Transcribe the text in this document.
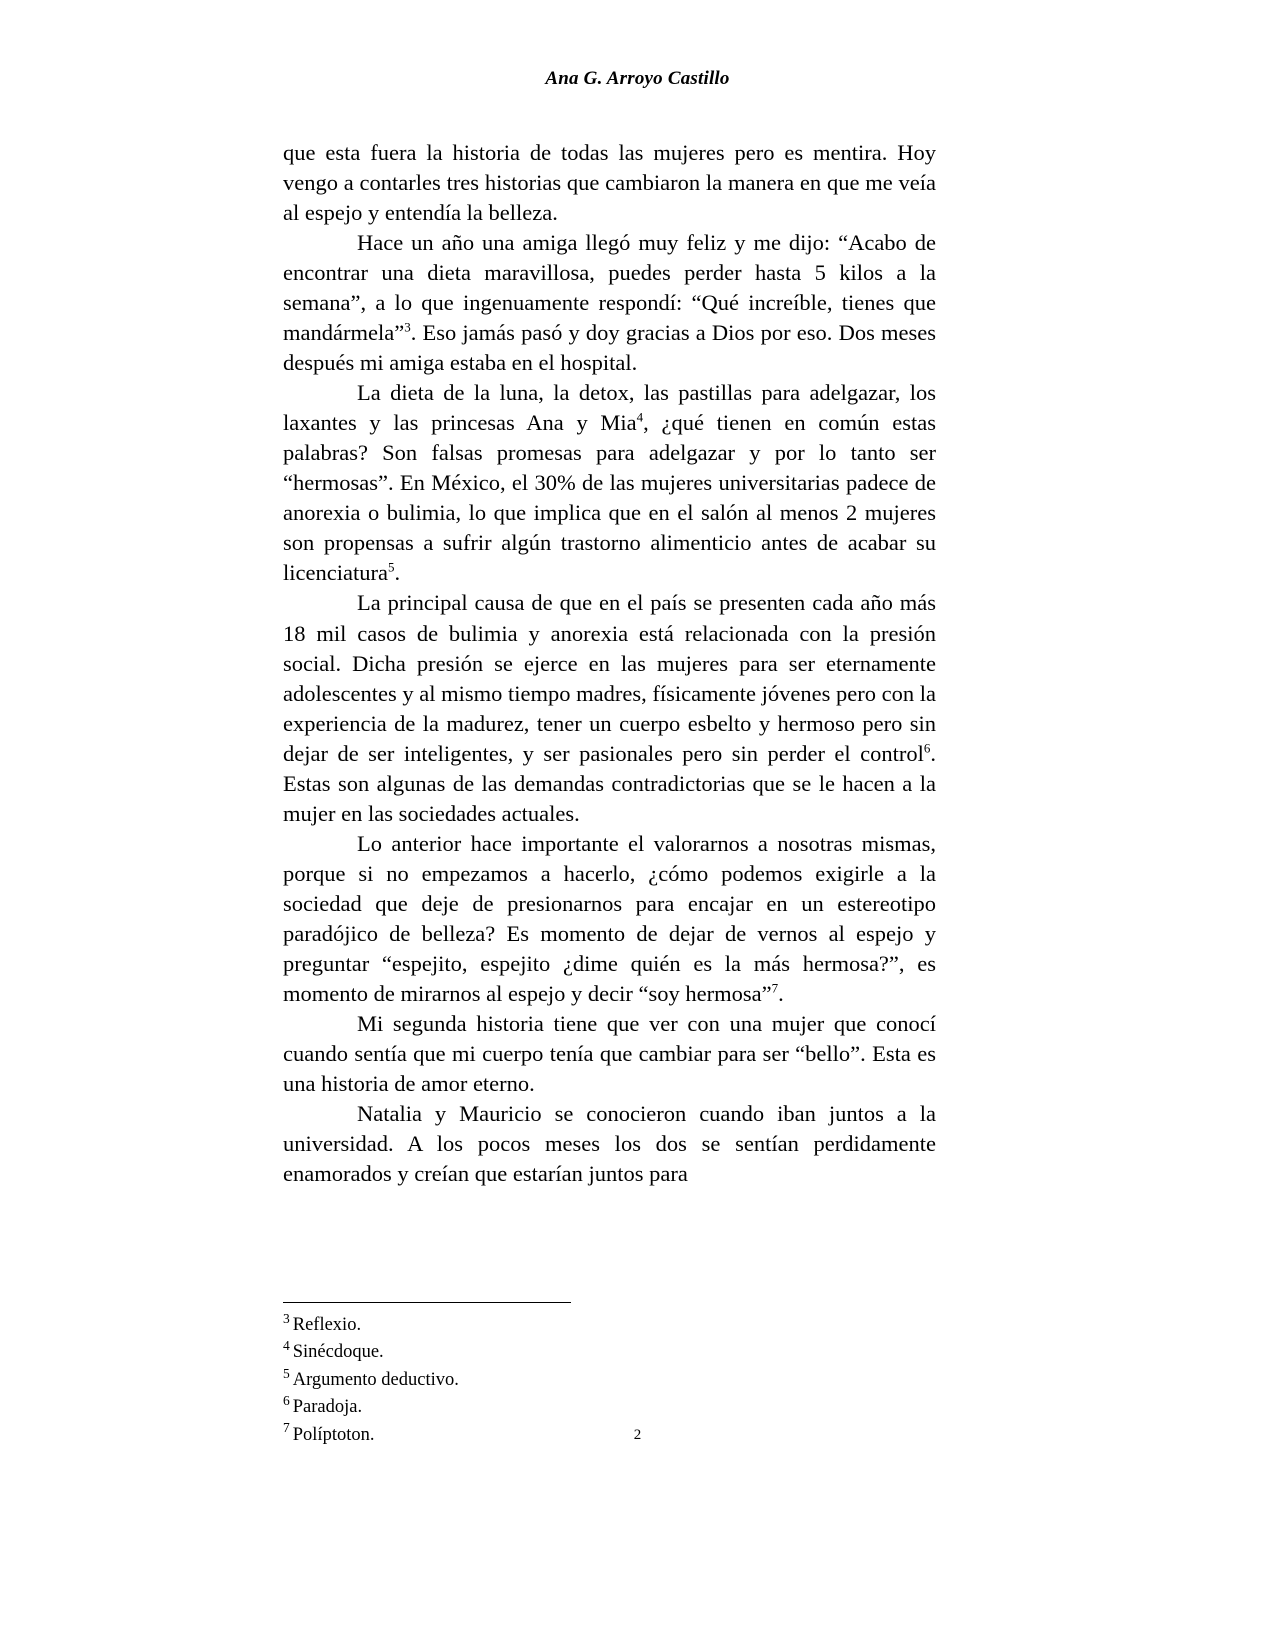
Ana G. Arroyo Castillo

que esta fuera la historia de todas las mujeres pero es mentira. Hoy vengo a contarles tres historias que cambiaron la manera en que me veía al espejo y entendía la belleza.

Hace un año una amiga llegó muy feliz y me dijo: “Acabo de encontrar una dieta maravillosa, puedes perder hasta 5 kilos a la semana”, a lo que ingenuamente respondí: “Qué increíble, tienes que mandármela”$^3$. Eso jamás pasó y doy gracias a Dios por eso. Dos meses después mi amiga estaba en el hospital.

La dieta de la luna, la detox, las pastillas para adelgazar, los laxantes y las princesas Ana y Mia$^4$, ¿qué tienen en común estas palabras? Son falsas promesas para adelgazar y por lo tanto ser “hermosas”. En México, el 30% de las mujeres universitarias padece de anorexia o bulimia, lo que implica que en el salón al menos 2 mujeres son propensas a sufrir algún trastorno alimenticio antes de acabar su licenciatura$^5$.

La principal causa de que en el país se presenten cada año más 18 mil casos de bulimia y anorexia está relacionada con la presión social. Dicha presión se ejerce en las mujeres para ser eternamente adolescentes y al mismo tiempo madres, físicamente jóvenes pero con la experiencia de la madurez, tener un cuerpo esbelto y hermoso pero sin dejar de ser inteligentes, y ser pasionales pero sin perder el control$^6$. Estas son algunas de las demandas contradictorias que se le hacen a la mujer en las sociedades actuales.

Lo anterior hace importante el valorarnos a nosotras mismas, porque si no empezamos a hacerlo, ¿cómo podemos exigirle a la sociedad que deje de presionarnos para encajar en un estereotipo paradójico de belleza? Es momento de dejar de vernos al espejo y preguntar “espejito, espejito ¿dime quién es la más hermosa?”, es momento de mirarnos al espejo y decir “soy hermosa”$^7$.

Mi segunda historia tiene que ver con una mujer que conocí cuando sentía que mi cuerpo tenía que cambiar para ser “bello”. Esta es una historia de amor eterno.

Natalia y Mauricio se conocieron cuando iban juntos a la universidad. A los pocos meses los dos se sentían perdidamente enamorados y creían que estarían juntos para

$^3$ Reflexio.
$^4$ Sinécdoque.
$^5$ Argumento deductivo.
$^6$ Paradoja.
$^7$ Políptoton.	2
